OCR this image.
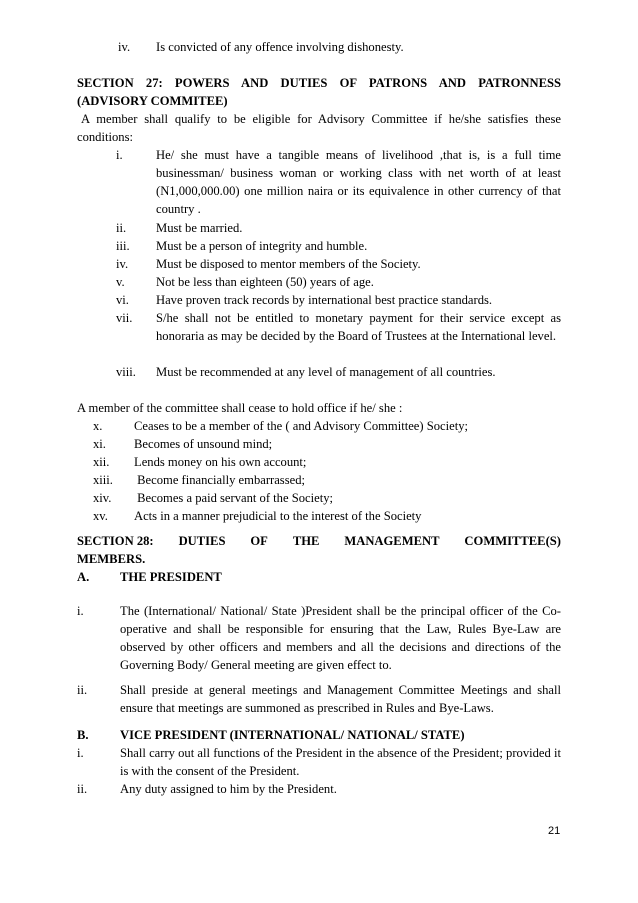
iv. Is convicted of any offence involving dishonesty.
SECTION 27: POWERS AND DUTIES OF PATRONS AND PATRONNESS
(ADVISORY COMMITEE)
A member shall qualify to be eligible for Advisory Committee if he/she satisfies these conditions:
i.	He/ she must have a tangible means of livelihood ,that is, is a full time businessman/ business woman or working class with net worth of at least (N1,000,000.00) one million naira or its equivalence in other currency of that country .
ii. Must be married.
iii. Must be a person of integrity and humble.
iv. Must be disposed to mentor members of the Society.
v. Not be less than eighteen (50) years of age.
vi. Have proven track records by international best practice standards.
vii. S/he shall not be entitled to monetary payment for their service except as honoraria as may be decided by the Board of Trustees at the International level.
viii. Must be recommended at any level of management of all countries.
A member of the committee shall cease to hold office if he/ she :
x.	Ceases to be a member of the ( and Advisory Committee) Society;
xi. Becomes of unsound mind;
xii. Lends money on his own account;
xiii. Become financially embarrassed;
xiv. Becomes a paid servant of the Society;
xv. Acts in a manner prejudicial to the interest of the Society
SECTION 28: DUTIES OF THE MANAGEMENT COMMITTEE(S)
MEMBERS.
A. THE PRESIDENT
i.	The (International/ National/ State )President shall be the principal officer of the Co-operative and shall be responsible for ensuring that the Law, Rules Bye-Law are observed by other officers and members and all the decisions and directions of the Governing Body/ General meeting are given effect to.
ii.	Shall preside at general meetings and Management Committee Meetings and shall ensure that meetings are summoned as prescribed in Rules and Bye-Laws.
B. VICE PRESIDENT (INTERNATIONAL/ NATIONAL/ STATE)
i.	Shall carry out all functions of the President in the absence of the President; provided it is with the consent of the President.
ii.	Any duty assigned to him by the President.
21
